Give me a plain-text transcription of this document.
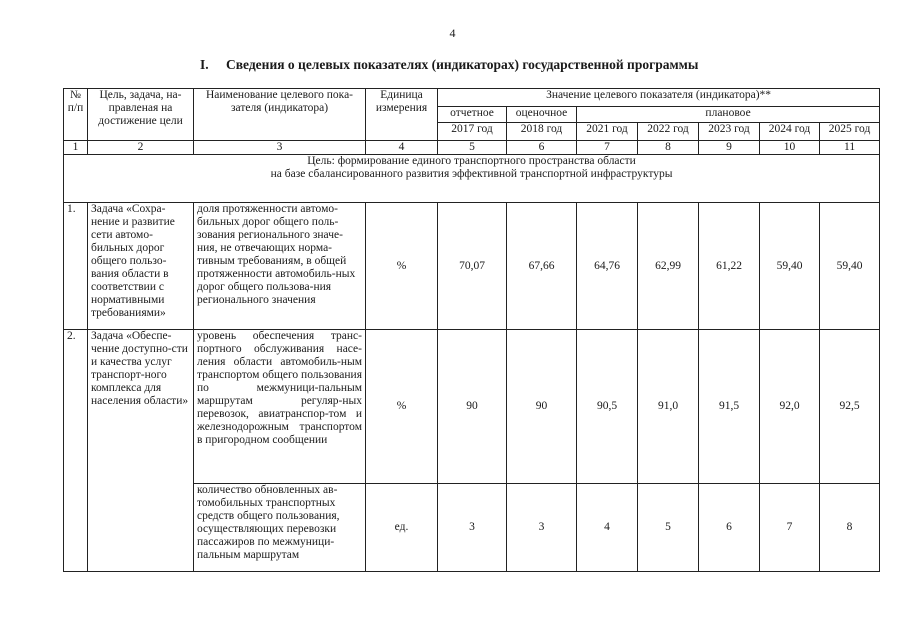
4
I. Сведения о целевых показателях (индикаторах) государственной программы
№ п/п	Цель, задача, на-правленая на достижение цели	Наименование целевого пока-зателя (индикатора)	Единица измерения	Значение целевого показателя (индикатора)**						
				отчетное	оценочное	плановое				
				2017 год	2018 год	2021 год	2022 год	2023 год	2024 год	2025 год
1	2	3	4	5	6	7	8	9	10	11

Цель: формирование единого транспортного пространства области
на базе сбалансированного развития эффективной транспортной инфраструктуры										

1.	Задача «Сохра-нение и развитие сети автомо-бильных дорог общего пользо-вания области в соответствии с нормативными требованиями»	доля протяженности автомо-бильных дорог общего поль-зования регионального значе-ния, не отвечающих норма-тивным требованиям, в общей протяженности автомобиль-ных дорог общего пользова-ния регионального значения	%	70,07	67,66	64,76	62,99	61,22	59,40	59,40
2.	Задача «Обеспе-чение доступно-сти и качества услуг транспорт-ного комплекса для населения области»	уровень обеспечения транс-портного обслуживания насе-ления области автомобиль-ным транспортом общего пользования по межмуници-пальным маршрутам регуляр-ных перевозок, авиатранспор-том и железнодорожным транспортом в пригородном сообщении	%	90	90	90,5	91,0	91,5	92,0	92,5
		количество обновленных ав-томобильных транспортных средств общего пользования, осуществляющих перевозки пассажиров по межмуници-пальным маршрутам	ед.	3	3	4	5	6	7	8
